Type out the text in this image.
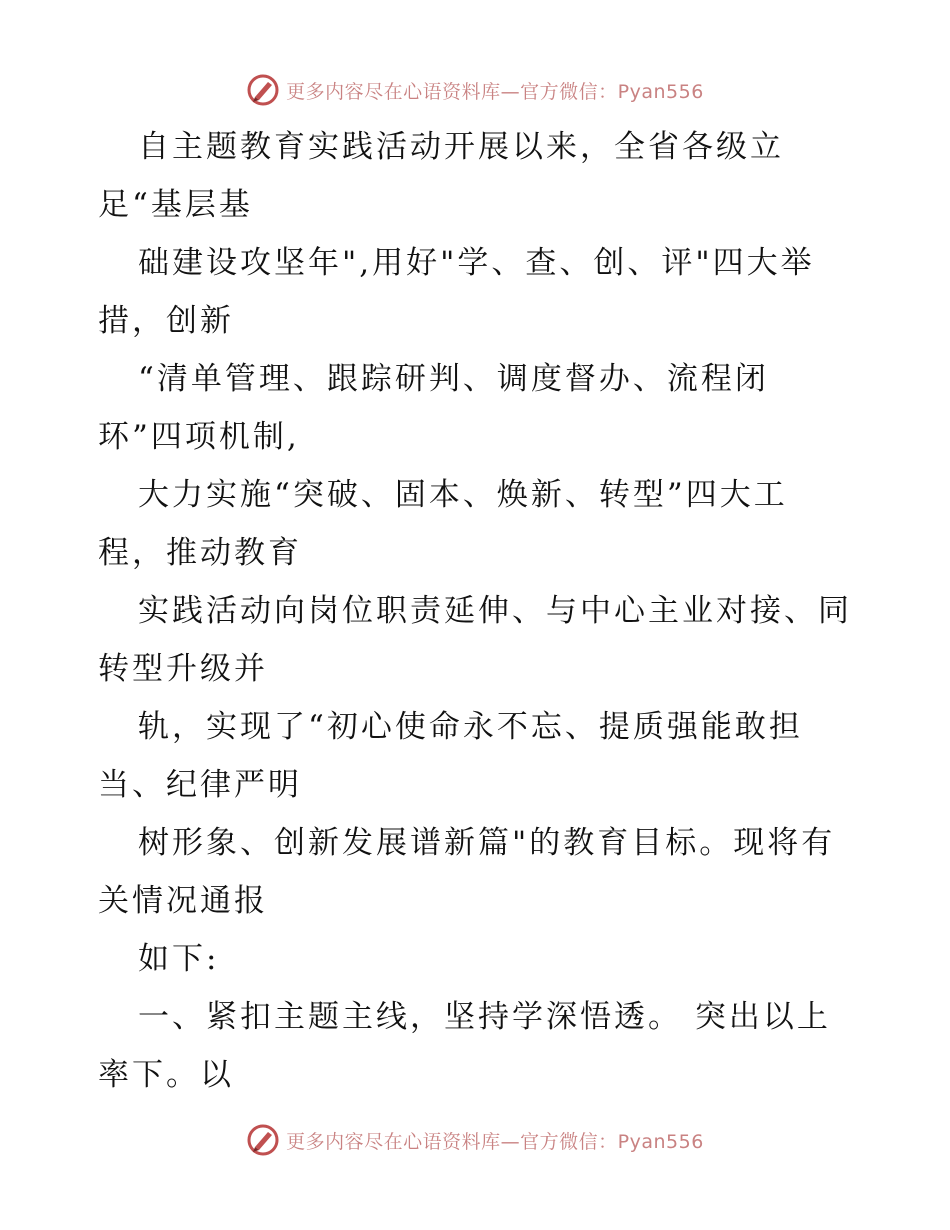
更多内容尽在心语资料库—官方微信：Pyan556
自主题教育实践活动开展以来，全省各级立
足“基层基
础建设攻坚年",用好"学、查、创、评"四大举
措，创新
“清单管理、跟踪研判、调度督办、流程闭
环”四项机制,
大力实施“突破、固本、焕新、转型”四大工
程，推动教育
实践活动向岗位职责延伸、与中心主业对接、同
转型升级并
轨，实现了“初心使命永不忘、提质强能敢担
当、纪律严明
树形象、创新发展谱新篇"的教育目标。现将有
关情况通报
如下:
一、紧扣主题主线，坚持学深悟透。 突出以上
率下。以
更多内容尽在心语资料库—官方微信：Pyan556
